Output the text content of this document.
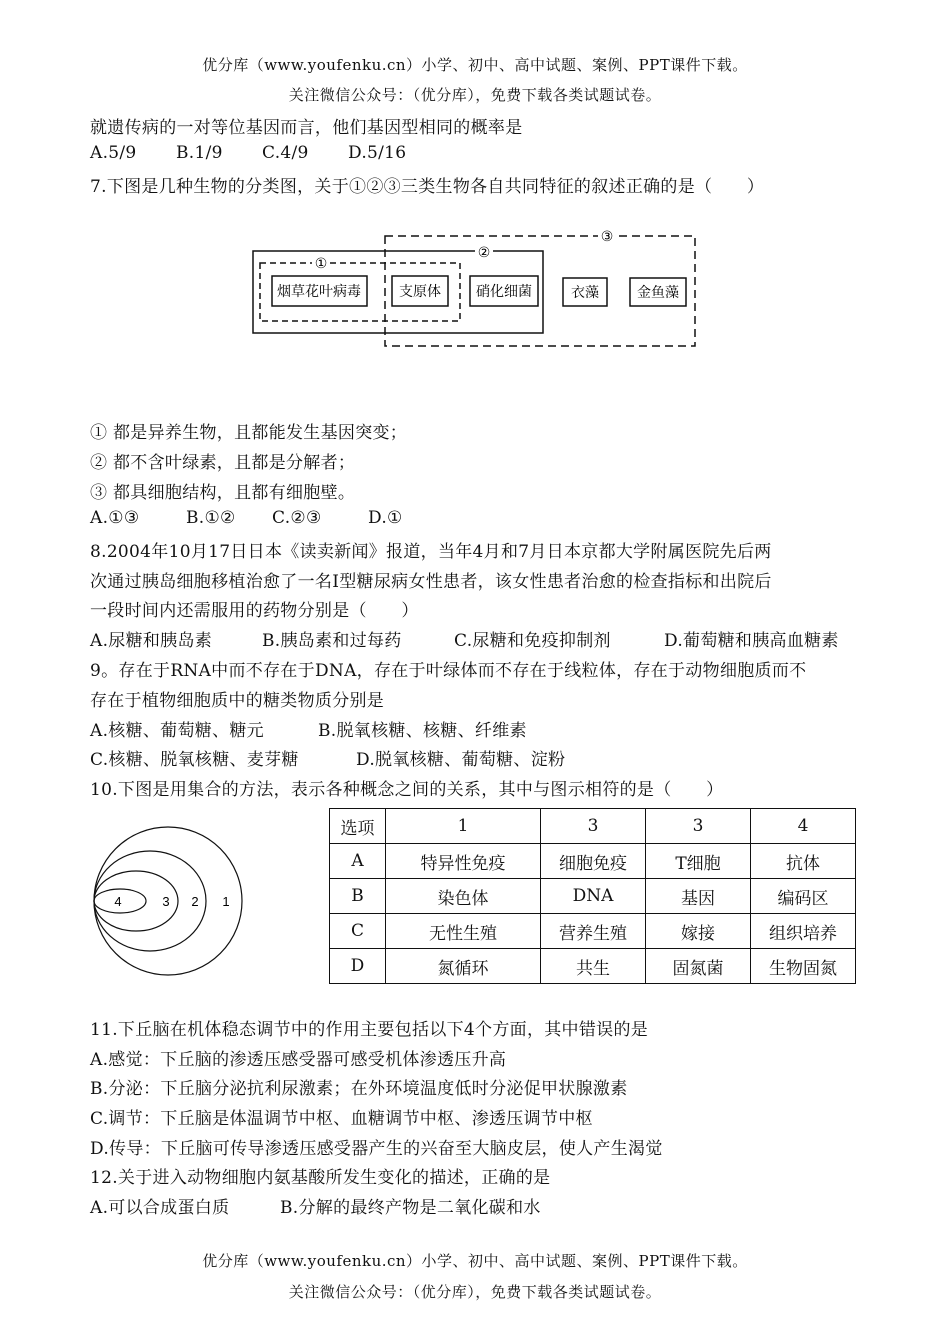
优分库（www.youfenku.cn）小学、初中、高中试题、案例、PPT课件下载。
关注微信公众号：（优分库），免费下载各类试题试卷。
就遗传病的一对等位基因而言，他们基因型相同的概率是
A.5/9 B.1/9 C.4/9 D.5/16
7.下图是几种生物的分类图，关于①②③三类生物各自共同特征的叙述正确的是（　　）
①
②
③
烟草花叶病毒	支原体	硝化细菌	衣藻	金鱼藻
① 都是异养生物，且都能发生基因突变；
② 都不含叶绿素，且都是分解者；
③ 都具细胞结构，且都有细胞壁。
A.①③	B.①② C.②③	D.①
8.2004年10月17日日本《读卖新闻》报道，当年4月和7月日本京都大学附属医院先后两
次通过胰岛细胞移植治愈了一名Ⅰ型糖尿病女性患者，该女性患者治愈的检查指标和出院后
一段时间内还需服用的药物分别是（　　）
A.尿糖和胰岛素	B.胰岛素和过每药	C.尿糖和免疫抑制剂	D.葡萄糖和胰高血糖素
9。存在于RNA中而不存在于DNA，存在于叶绿体而不存在于线粒体，存在于动物细胞质而不
存在于植物细胞质中的糖类物质分别是
A.核糖、葡萄糖、糖元	B.脱氧核糖、核糖、纤维素
C.核糖、脱氧核糖、麦芽糖	D.脱氧核糖、葡萄糖、淀粉
10.下图是用集合的方法，表示各种概念之间的关系，其中与图示相符的是（　　）
4	3 2 1
选项	1	3	3	4
A	特异性免疫	细胞免疫	T细胞	抗体
B	染色体	DNA	基因	编码区
C	无性生殖	营养生殖	嫁接	组织培养
D	氮循环	共生	固氮菌	生物固氮
11.下丘脑在机体稳态调节中的作用主要包括以下4个方面，其中错误的是
A.感觉：下丘脑的渗透压感受器可感受机体渗透压升高
B.分泌：下丘脑分泌抗利尿激素；在外环境温度低时分泌促甲状腺激素
C.调节：下丘脑是体温调节中枢、血糖调节中枢、渗透压调节中枢
D.传导：下丘脑可传导渗透压感受器产生的兴奋至大脑皮层，使人产生渴觉
12.关于进入动物细胞内氨基酸所发生变化的描述，正确的是
A.可以合成蛋白质	B.分解的最终产物是二氧化碳和水
优分库（www.youfenku.cn）小学、初中、高中试题、案例、PPT课件下载。
关注微信公众号：（优分库），免费下载各类试题试卷。
